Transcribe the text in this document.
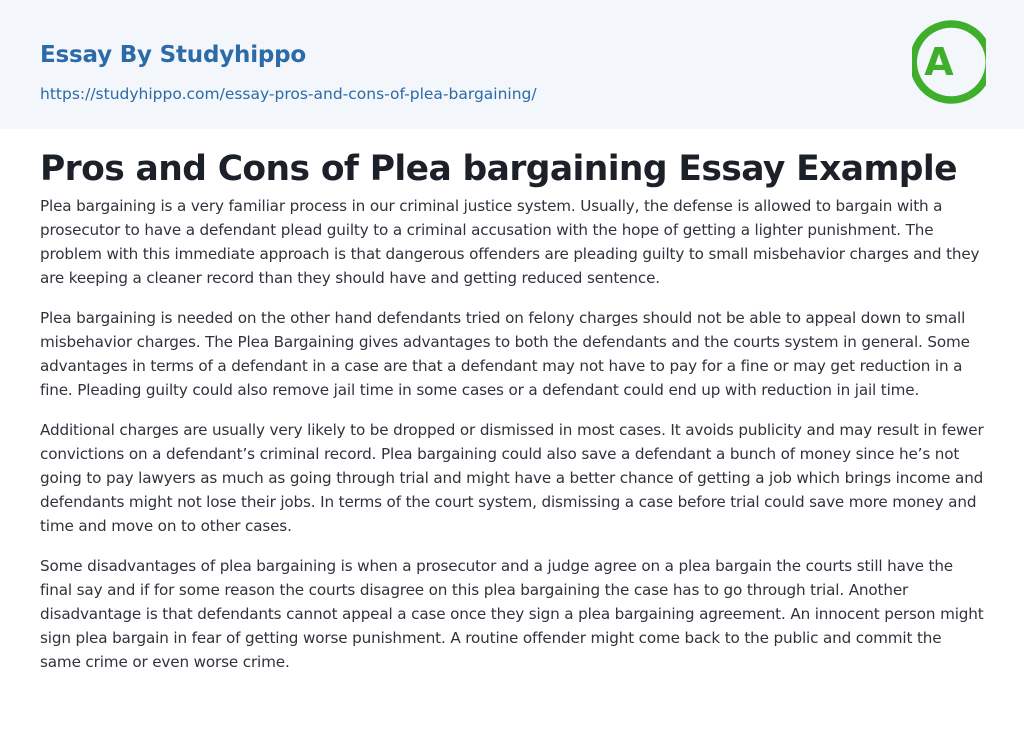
Essay By Studyhippo
https://studyhippo.com/essay-pros-and-cons-of-plea-bargaining/
A
Pros and Cons of Plea bargaining Essay Example

Plea bargaining is a very familiar process in our criminal justice system. Usually, the defense is allowed to bargain with a prosecutor to have a defendant plead guilty to a criminal accusation with the hope of getting a lighter punishment. The problem with this immediate approach is that dangerous offenders are pleading guilty to small misbehavior charges and they are keeping a cleaner record than they should have and getting reduced sentence.

Plea bargaining is needed on the other hand defendants tried on felony charges should not be able to appeal down to small misbehavior charges. The Plea Bargaining gives advantages to both the defendants and the courts system in general. Some advantages in terms of a defendant in a case are that a defendant may not have to pay for a fine or may get reduction in a fine. Pleading guilty could also remove jail time in some cases or a defendant could end up with reduction in jail time.

Additional charges are usually very likely to be dropped or dismissed in most cases. It avoids publicity and may result in fewer convictions on a defendant’s criminal record. Plea bargaining could also save a defendant a bunch of money since he’s not going to pay lawyers as much as going through trial and might have a better chance of getting a job which brings income and defendants might not lose their jobs. In terms of the court system, dismissing a case before trial could save more money and time and move on to other cases.

Some disadvantages of plea bargaining is when a prosecutor and a judge agree on a plea bargain the courts still have the final say and if for some reason the courts disagree on this plea bargaining the case has to go through trial. Another disadvantage is that defendants cannot appeal a case once they sign a plea bargaining agreement. An innocent person might sign plea bargain in fear of getting worse punishment. A routine offender might come back to the public and commit the same crime or even worse crime.
